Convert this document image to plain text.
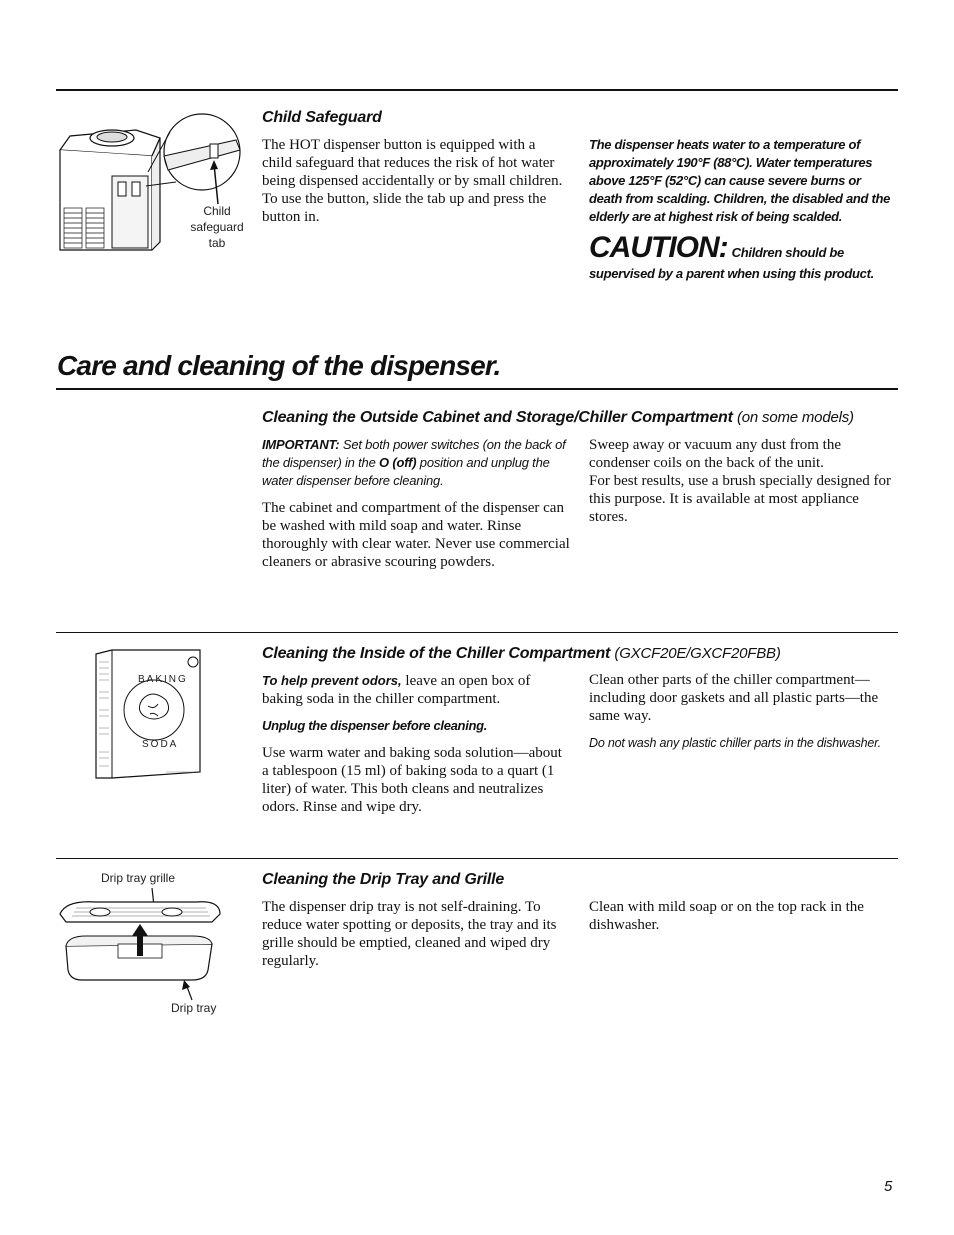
Child
safeguard
tab
Child Safeguard

The HOT dispenser button is equipped with a child safeguard that reduces the risk of hot water being dispensed accidentally or by small children. To use the button, slide the tab up and press the button in.

The dispenser heats water to a temperature of approximately 190°F (88°C). Water temperatures above 125°F (52°C) can cause severe burns or death from scalding. Children, the disabled and the elderly are at highest risk of being scalded.

CAUTION: Children should be supervised by a parent when using this product.
Care and cleaning of the dispenser.
Cleaning the Outside Cabinet and Storage/Chiller Compartment (on some models)

IMPORTANT: Set both power switches (on the back of the dispenser) in the O (off) position and unplug the water dispenser before cleaning.

The cabinet and compartment of the dispenser can be washed with mild soap and water. Rinse thoroughly with clear water. Never use commercial cleaners or abrasive scouring powders.

Sweep away or vacuum any dust from the condenser coils on the back of the unit.

For best results, use a brush specially designed for this purpose. It is available at most appliance stores.

BAKING
SODA
Cleaning the Inside of the Chiller Compartment (GXCF20E/GXCF20FBB)

To help prevent odors, leave an open box of baking soda in the chiller compartment.

Unplug the dispenser before cleaning.

Use warm water and baking soda solution—about a tablespoon (15 ml) of baking soda to a quart (1 liter) of water. This both cleans and neutralizes odors. Rinse and wipe dry.

Clean other parts of the chiller compartment—including door gaskets and all plastic parts—the same way.

Do not wash any plastic chiller parts in the dishwasher.

Drip tray grille
Drip tray
Cleaning the Drip Tray and Grille

The dispenser drip tray is not self-draining. To reduce water spotting or deposits, the tray and its grille should be emptied, cleaned and wiped dry regularly.

Clean with mild soap or on the top rack in the dishwasher.

5
